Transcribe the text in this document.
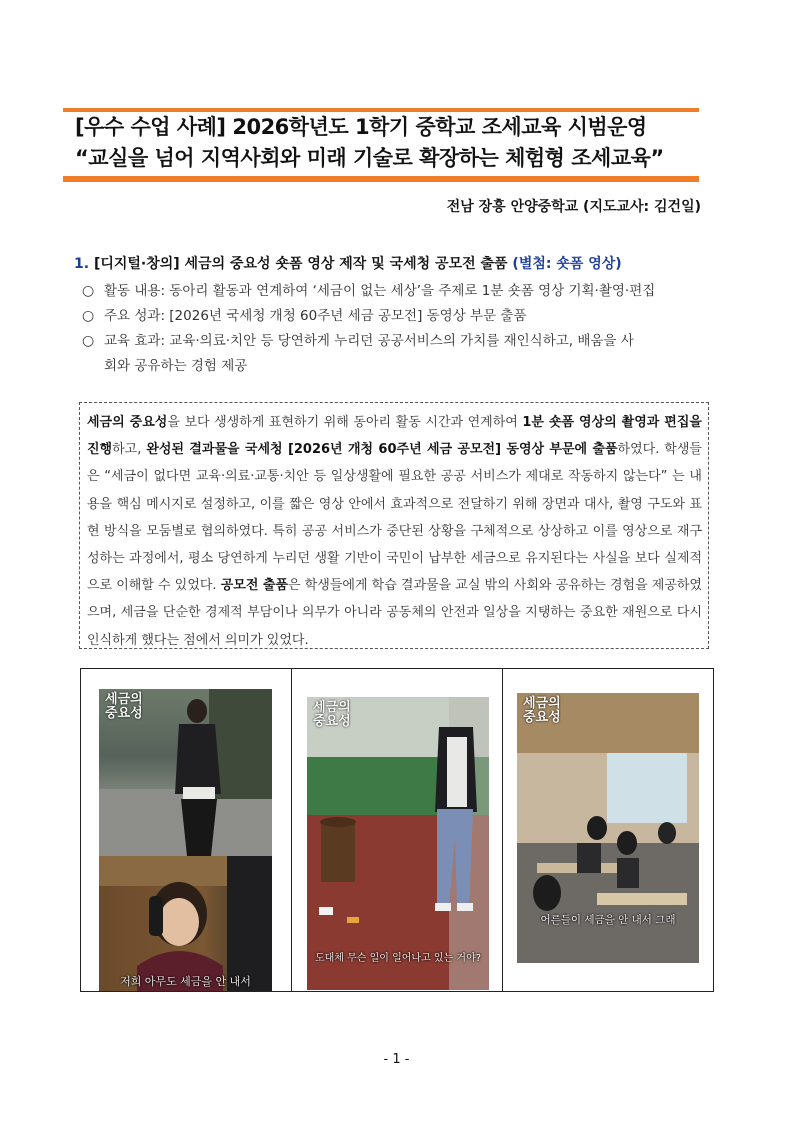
[우수 수업 사례] 2026학년도 1학기 중학교 조세교육 시범운영
“교실을 넘어 지역사회와 미래 기술로 확장하는 체험형 조세교육”
전남 장흥 안양중학교 (지도교사: 김건일)
1. [디지털·창의] 세금의 중요성 숏폼 영상 제작 및 국세청 공모전 출품 (별첨: 숏폼 영상)
○ 활동 내용: 동아리 활동과 연계하여 ‘세금이 없는 세상’을 주제로 1분 숏폼 영상 기획·촬영·편집
○ 주요 성과: [2026년 국세청 개청 60주년 세금 공모전] 동영상 부문 출품
○ 교육 효과: 교육·의료·치안 등 당연하게 누리던 공공서비스의 가치를 재인식하고, 배움을 사
회와 공유하는 경험 제공
세금의 중요성을 보다 생생하게 표현하기 위해 동아리 활동 시간과 연계하여 1분 숏폼 영상의 촬영과 편집을 진행하고, 완성된 결과물을 국세청 [2026년 개청 60주년 세금 공모전] 동영상 부문에 출품하였다. 학생들은 “세금이 없다면 교육·의료·교통·치안 등 일상생활에 필요한 공공 서비스가 제대로 작동하지 않는다” 는 내용을 핵심 메시지로 설정하고, 이를 짧은 영상 안에서 효과적으로 전달하기 위해 장면과 대사, 촬영 구도와 표현 방식을 모둠별로 협의하였다. 특히 공공 서비스가 중단된 상황을 구체적으로 상상하고 이를 영상으로 재구성하는 과정에서, 평소 당연하게 누리던 생활 기반이 국민이 납부한 세금으로 유지된다는 사실을 보다 실제적으로 이해할 수 있었다. 공모전 출품은 학생들에게 학습 결과물을 교실 밖의 사회와 공유하는 경험을 제공하였으며, 세금을 단순한 경제적 부담이나 의무가 아니라 공동체의 안전과 일상을 지탱하는 중요한 재원으로 다시 인식하게 했다는 점에서 의미가 있었다.
세금의
중요성
저희 아무도 세금을 안 내서
세금의
중요성
도대체 무슨 일이 일어나고 있는 거야?
세금의
중요성
어른들이 세금을 안 내서 그래
- 1 -
